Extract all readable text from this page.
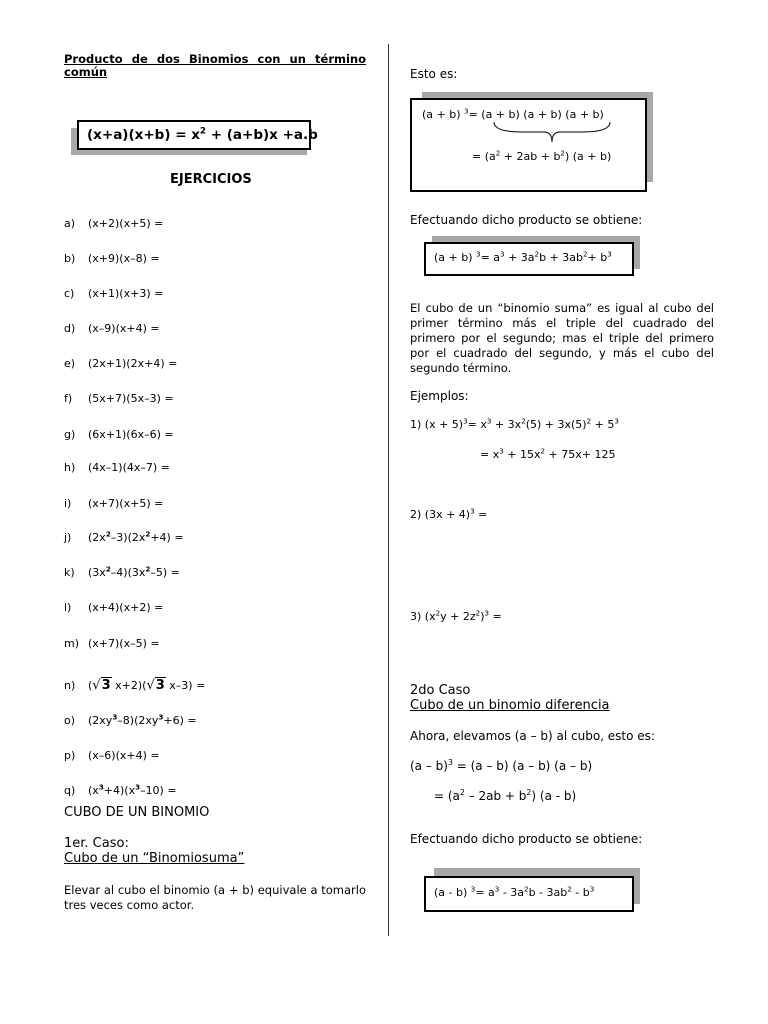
Producto de dos Binomios con un término
común
$(x+a)(x+b) = x^2 + (a+b)x +a.b$
EJERCICIOS
a) (x+2)(x+5) =
b) (x+9)(x–8) =
c) (x+1)(x+3) =
d) (x–9)(x+4) =
e) (2x+1)(2x+4) =
f) (5x+7)(5x–3) =
g) (6x+1)(6x–6) =
h) (4x–1)(4x–7) =
i) (x+7)(x+5) =
j) $(2x^2-3)(2x^2+4)$ =
k) $(3x^2-4)(3x^2-5)$ =
l) (x+4)(x+2) =
m) (x+7)(x–5) =
n) (√3 x+2)(√3 x–3) =
o) $(2xy^3-8)(2xy^3+6)$ =
p) (x–6)(x+4) =
q) $(x^3+4)(x^3-10)$ =
CUBO DE UN BINOMIO
1er. Caso:
Cubo de un “Binomiosuma”
Elevar al cubo el binomio (a + b) equivale a tomarlo tres veces como actor.
Esto es:
(a + b) $^3$= (a + b) (a + b) (a + b)
= $(a^2 + 2ab + b^2) (a + b)$
Efectuando dicho producto se obtiene:
(a + b) $^3= a^3 + 3a^2b + 3ab^2+ b^3$
El cubo de un “binomio suma” es igual al cubo del primer término más el triple del cuadrado del primero por el segundo; mas el triple del primero por el cuadrado del segundo, y más el cubo del segundo término.
Ejemplos:
1) $(x + 5)^3= x^3 + 3x^2(5) + 3x(5)^2 + 5^3$
= $x^3 + 15x^2 + 75x+ 125$
2) $(3x + 4)^3$ =
3) $(x^2y + 2z^2)^3$ =
2do Caso
Cubo de un binomio diferencia
Ahora, elevamos (a – b) al cubo, esto es:
(a – b)$^3$ = (a – b) (a – b) (a – b)
= $(a^2 - 2ab + b^2)$ (a - b)
Efectuando dicho producto se obtiene:
(a - b) $^3= a^3 - 3a^2b - 3ab^2 - b^3$
